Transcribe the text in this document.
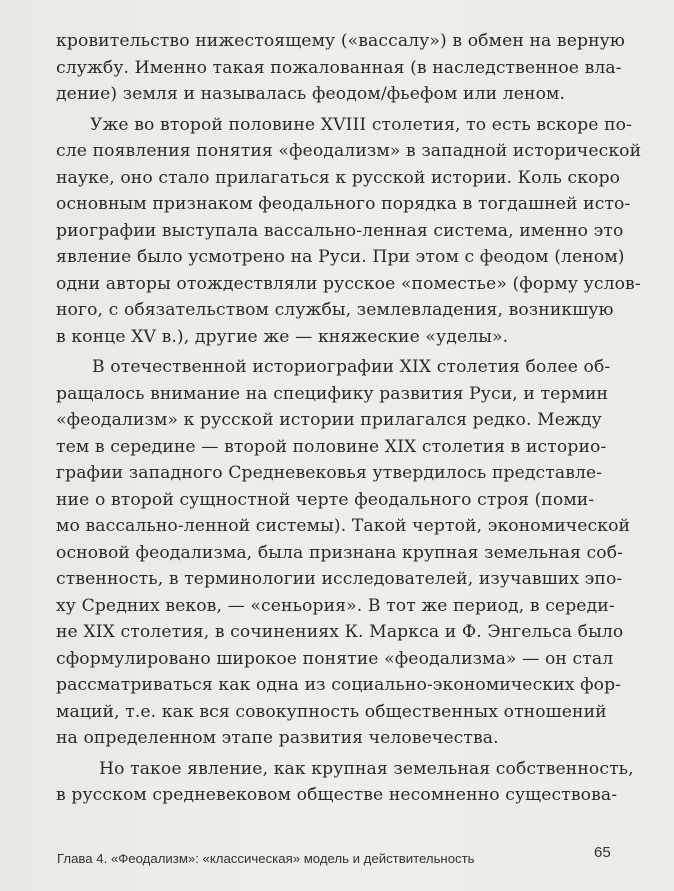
кровительство нижестоящему («вассалу») в обмен на верную
службу. Именно такая пожалованная (в наследственное вла-
дение) земля и называлась феодом/фьефом или леном.
Уже во второй половине XVIII столетия, то есть вскоре по-
сле появления понятия «феодализм» в западной исторической
науке, оно стало прилагаться к русской истории. Коль скоро
основным признаком феодального порядка в тогдашней исто-
риографии выступала вассально-ленная система, именно это
явление было усмотрено на Руси. При этом с феодом (леном)
одни авторы отождествляли русское «поместье» (форму услов-
ного, с обязательством службы, землевладения, возникшую
в конце XV в.), другие же — княжеские «уделы».
В отечественной историографии XIX столетия более об-
ращалось внимание на специфику развития Руси, и термин
«феодализм» к русской истории прилагался редко. Между
тем в середине — второй половине XIX столетия в историо-
графии западного Средневековья утвердилось представле-
ние о второй сущностной черте феодального строя (поми-
мо вассально-ленной системы). Такой чертой, экономической
основой феодализма, была признана крупная земельная соб-
ственность, в терминологии исследователей, изучавших эпо-
ху Средних веков, — «сеньория». В тот же период, в середи-
не XIX столетия, в сочинениях К. Маркса и Ф. Энгельса было
сформулировано широкое понятие «феодализма» — он стал
рассматриваться как одна из социально-экономических фор-
маций, т.е. как вся совокупность общественных отношений
на определенном этапе развития человечества.
Но такое явление, как крупная земельная собственность,
в русском средневековом обществе несомненно существова-
Глава 4. «Феодализм»: «классическая» модель и действительность	65
